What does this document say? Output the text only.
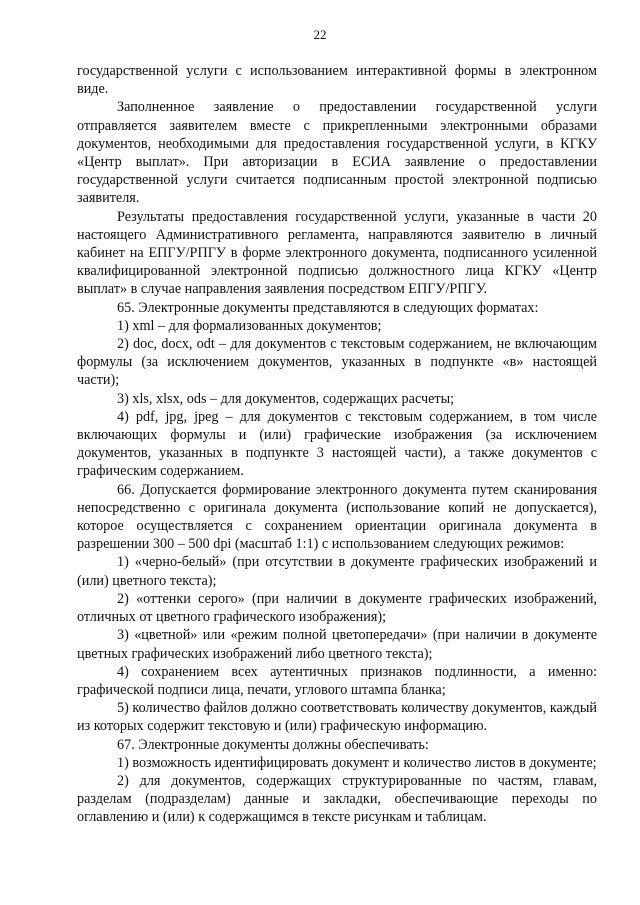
22

государственной услуги с использованием интерактивной формы в электронном виде.

Заполненное заявление о предоставлении государственной услуги отправляется заявителем вместе с прикрепленными электронными образами документов, необходимыми для предоставления государственной услуги, в КГКУ «Центр выплат». При авторизации в ЕСИА заявление о предоставлении государственной услуги считается подписанным простой электронной подписью заявителя.

Результаты предоставления государственной услуги, указанные в части 20 настоящего Административного регламента, направляются заявителю в личный кабинет на ЕПГУ/РПГУ в форме электронного документа, подписанного усиленной квалифицированной электронной подписью должностного лица КГКУ «Центр выплат» в случае направления заявления посредством ЕПГУ/РПГУ.

65. Электронные документы представляются в следующих форматах:

1) xml – для формализованных документов;

2) doc, docx, odt – для документов с текстовым содержанием, не включающим формулы (за исключением документов, указанных в подпункте «в» настоящей части);

3) xls, xlsx, ods – для документов, содержащих расчеты;

4) pdf, jpg, jpeg – для документов с текстовым содержанием, в том числе включающих формулы и (или) графические изображения (за исключением документов, указанных в подпункте 3 настоящей части), а также документов с графическим содержанием.

66. Допускается формирование электронного документа путем сканирования непосредственно с оригинала документа (использование копий не допускается), которое осуществляется с сохранением ориентации оригинала документа в разрешении 300 – 500 dpi (масштаб 1:1) с использованием следующих режимов:

1) «черно-белый» (при отсутствии в документе графических изображений и (или) цветного текста);

2) «оттенки серого» (при наличии в документе графических изображений, отличных от цветного графического изображения);

3) «цветной» или «режим полной цветопередачи» (при наличии в документе цветных графических изображений либо цветного текста);

4) сохранением всех аутентичных признаков подлинности, а именно: графической подписи лица, печати, углового штампа бланка;

5) количество файлов должно соответствовать количеству документов, каждый из которых содержит текстовую и (или) графическую информацию.

67. Электронные документы должны обеспечивать:

1) возможность идентифицировать документ и количество листов в документе;

2) для документов, содержащих структурированные по частям, главам, разделам (подразделам) данные и закладки, обеспечивающие переходы по оглавлению и (или) к содержащимся в тексте рисункам и таблицам.
